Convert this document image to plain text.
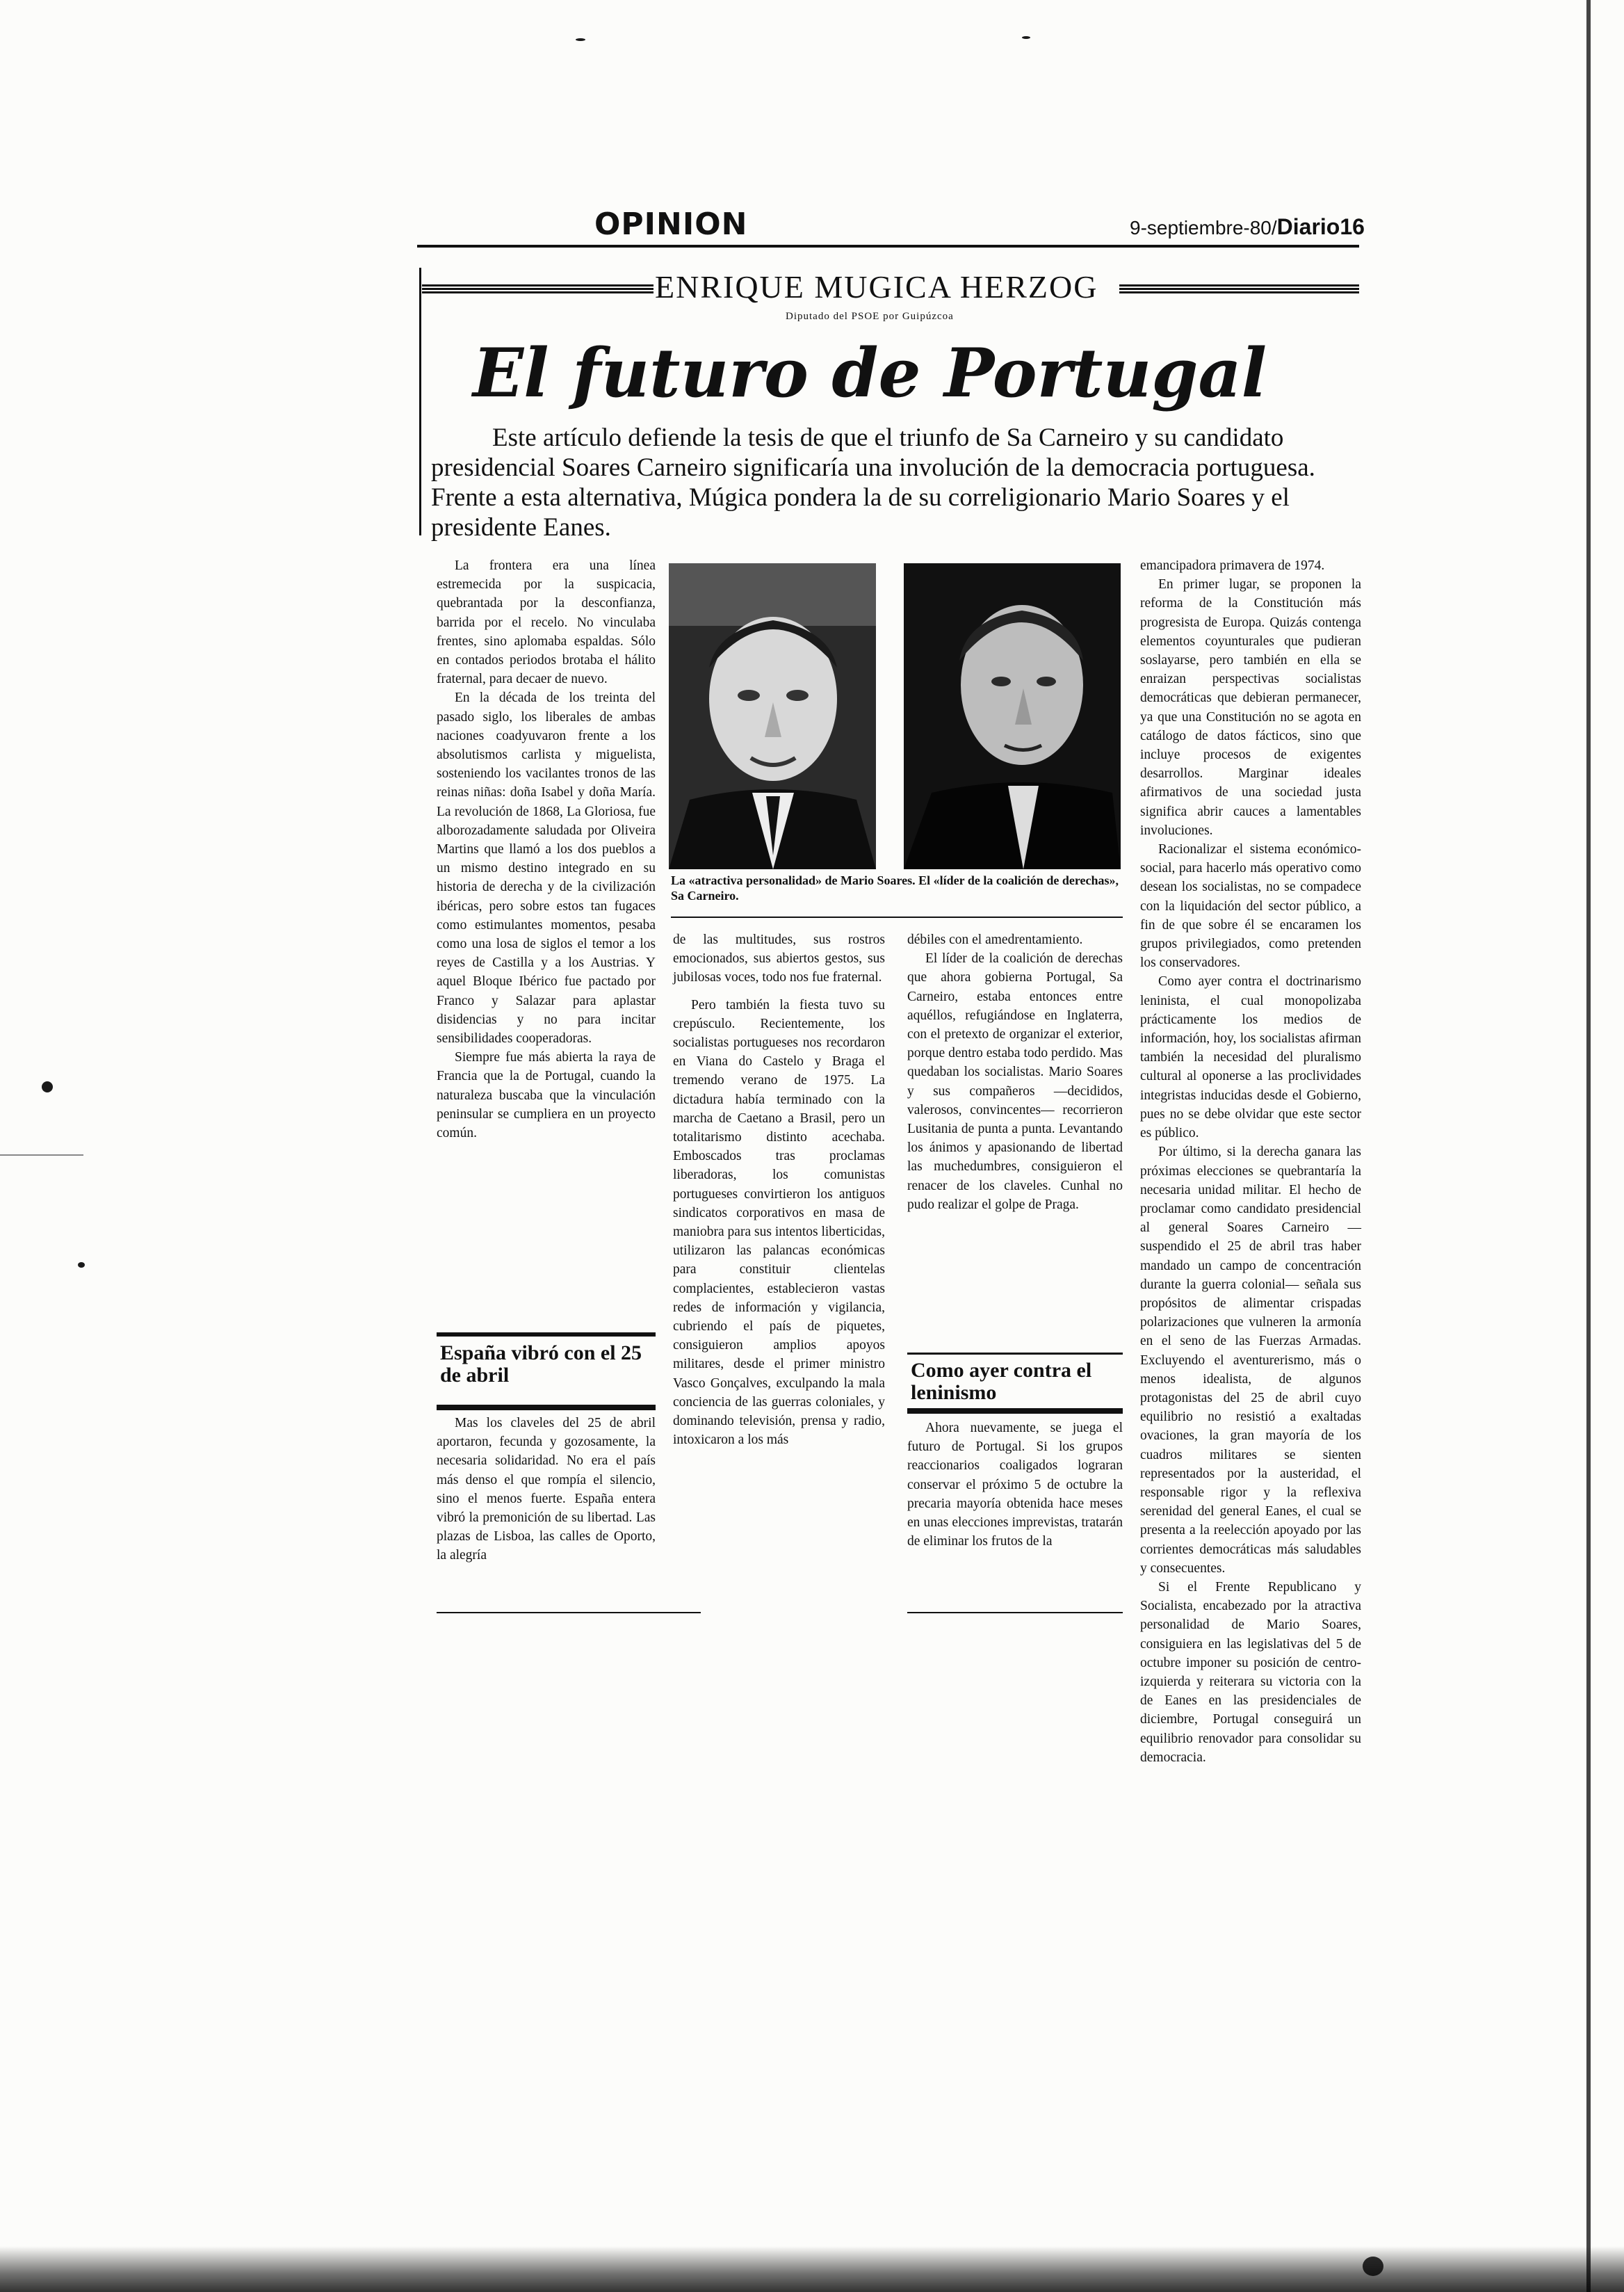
OPINION	9-septiembre-80/Diario16
ENRIQUE MUGICA HERZOG
Diputado del PSOE por Guipúzcoa
El futuro de Portugal
Este artículo defiende la tesis de que el triunfo de Sa Carneiro y su candidato presidencial Soares Carneiro significaría una involución de la democracia portuguesa. Frente a esta alternativa, Múgica pondera la de su correligionario Mario Soares y el presidente Eanes.

La frontera era una línea estremecida por la suspicacia, quebrantada por la desconfianza, barrida por el recelo. No vinculaba frentes, sino aplomaba espaldas. Sólo en contados periodos brotaba el hálito fraternal, para decaer de nuevo.

En la década de los treinta del pasado siglo, los liberales de ambas naciones coadyuvaron frente a los absolutismos carlista y miguelista, sosteniendo los vacilantes tronos de las reinas niñas: doña Isabel y doña María. La revolución de 1868, La Gloriosa, fue alborozadamente saludada por Oliveira Martins que llamó a los dos pueblos a un mismo destino integrado en su historia de derecha y de la civilización ibéricas, pero sobre estos tan fugaces como estimulantes momentos, pesaba como una losa de siglos el temor a los reyes de Castilla y a los Austrias. Y aquel Bloque Ibérico fue pactado por Franco y Salazar para aplastar disidencias y no para incitar sensibilidades cooperadoras.

Siempre fue más abierta la raya de Francia que la de Portugal, cuando la naturaleza buscaba que la vinculación peninsular se cumpliera en un proyecto común.

España vibró con el 25 de abril

Mas los claveles del 25 de abril aportaron, fecunda y gozosamente, la necesaria solidaridad. No era el país más denso el que rompía el silencio, sino el menos fuerte. España entera vibró la premonición de su libertad. Las plazas de Lisboa, las calles de Oporto, la alegría

La «atractiva personalidad» de Mario Soares. El «líder de la coalición de derechas», Sa Carneiro.

de las multitudes, sus rostros emocionados, sus abiertos gestos, sus jubilosas voces, todo nos fue fraternal.

Pero también la fiesta tuvo su crepúsculo. Recientemente, los socialistas portugueses nos recordaron en Viana do Castelo y Braga el tremendo verano de 1975. La dictadura había terminado con la marcha de Caetano a Brasil, pero un totalitarismo distinto acechaba. Emboscados tras proclamas liberadoras, los comunistas portugueses convirtieron los antiguos sindicatos corporativos en masa de maniobra para sus intentos liberticidas, utilizaron las palancas económicas para constituir clientelas complacientes, establecieron vastas redes de información y vigilancia, cubriendo el país de piquetes, consiguieron amplios apoyos militares, desde el primer ministro Vasco Gonçalves, exculpando la mala conciencia de las guerras coloniales, y dominando televisión, prensa y radio, intoxicaron a los más

débiles con el amedrentamiento.

El líder de la coalición de derechas que ahora gobierna Portugal, Sa Carneiro, estaba entonces entre aquéllos, refugiándose en Inglaterra, con el pretexto de organizar el exterior, porque dentro estaba todo perdido. Mas quedaban los socialistas. Mario Soares y sus compañeros —decididos, valerosos, convincentes— recorrieron Lusitania de punta a punta. Levantando los ánimos y apasionando de libertad las muchedumbres, consiguieron el renacer de los claveles. Cunhal no pudo realizar el golpe de Praga.

Como ayer contra el leninismo

Ahora nuevamente, se juega el futuro de Portugal. Si los grupos reaccionarios coaligados lograran conservar el próximo 5 de octubre la precaria mayoría obtenida hace meses en unas elecciones imprevistas, tratarán de eliminar los frutos de la

emancipadora primavera de 1974.

En primer lugar, se proponen la reforma de la Constitución más progresista de Europa. Quizás contenga elementos coyunturales que pudieran soslayarse, pero también en ella se enraizan perspectivas socialistas democráticas que debieran permanecer, ya que una Constitución no se agota en catálogo de datos fácticos, sino que incluye procesos de exigentes desarrollos. Marginar ideales afirmativos de una sociedad justa significa abrir cauces a lamentables involuciones.

Racionalizar el sistema económico-social, para hacerlo más operativo como desean los socialistas, no se compadece con la liquidación del sector público, a fin de que sobre él se encaramen los grupos privilegiados, como pretenden los conservadores.

Como ayer contra el doctrinarismo leninista, el cual monopolizaba prácticamente los medios de información, hoy, los socialistas afirman también la necesidad del pluralismo cultural al oponerse a las proclividades integristas inducidas desde el Gobierno, pues no se debe olvidar que este sector es público.

Por último, si la derecha ganara las próximas elecciones se quebrantaría la necesaria unidad militar. El hecho de proclamar como candidato presidencial al general Soares Carneiro —suspendido el 25 de abril tras haber mandado un campo de concentración durante la guerra colonial— señala sus propósitos de alimentar crispadas polarizaciones que vulneren la armonía en el seno de las Fuerzas Armadas. Excluyendo el aventurerismo, más o menos idealista, de algunos protagonistas del 25 de abril cuyo equilibrio no resistió a exaltadas ovaciones, la gran mayoría de los cuadros militares se sienten representados por la austeridad, el responsable rigor y la reflexiva serenidad del general Eanes, el cual se presenta a la reelección apoyado por las corrientes democráticas más saludables y consecuentes.

Si el Frente Republicano y Socialista, encabezado por la atractiva personalidad de Mario Soares, consiguiera en las legislativas del 5 de octubre imponer su posición de centro-izquierda y reiterara su victoria con la de Eanes en las presidenciales de diciembre, Portugal conseguirá un equilibrio renovador para consolidar su democracia.
